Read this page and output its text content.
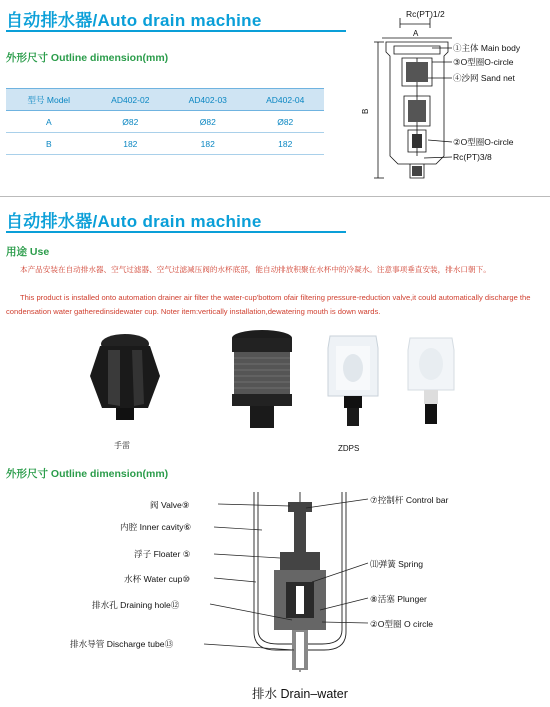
自动排水器/Auto drain machine
外形尺寸 Outline dimension(mm)
型号 Model	AD402-02	AD402-03	AD402-04
A	Ø82	Ø82	Ø82
B	182	182	182
A
B
Rc(PT)1/2
①主体 Main body
③O型圈O-circle
④沙网 Sand net
②O型圈O-circle
Rc(PT)3/8
自动排水器/Auto drain machine
用途 Use
本产品安装在自动排水器、空气过滤器、空气过滤减压阀的水杯底部，能自动排放积聚在水杯中的冷凝水。注意事项垂直安装，排水口朝下。
This product is installed onto automation drainer air filter the water-cup'bottom ofair filtering pressure-reduction valve,it could automatically discharge the condensation water gatheredinsidewater cup. Noter item:vertically installation,dewatering mouth is down wards.
手雷	ZDPS
外形尺寸 Outline dimension(mm)
阀 Valve⑨
内腔 Inner cavity⑥
浮子 Floater ⑤
水杯 Water cup⑩
排水孔 Draining hole⑫
排水导管 Discharge tube⑬
⑦控制杆 Control bar
⑾弹簧 Spring
⑧活塞 Plunger
②O型圈 O circle
排水 Drain–water
